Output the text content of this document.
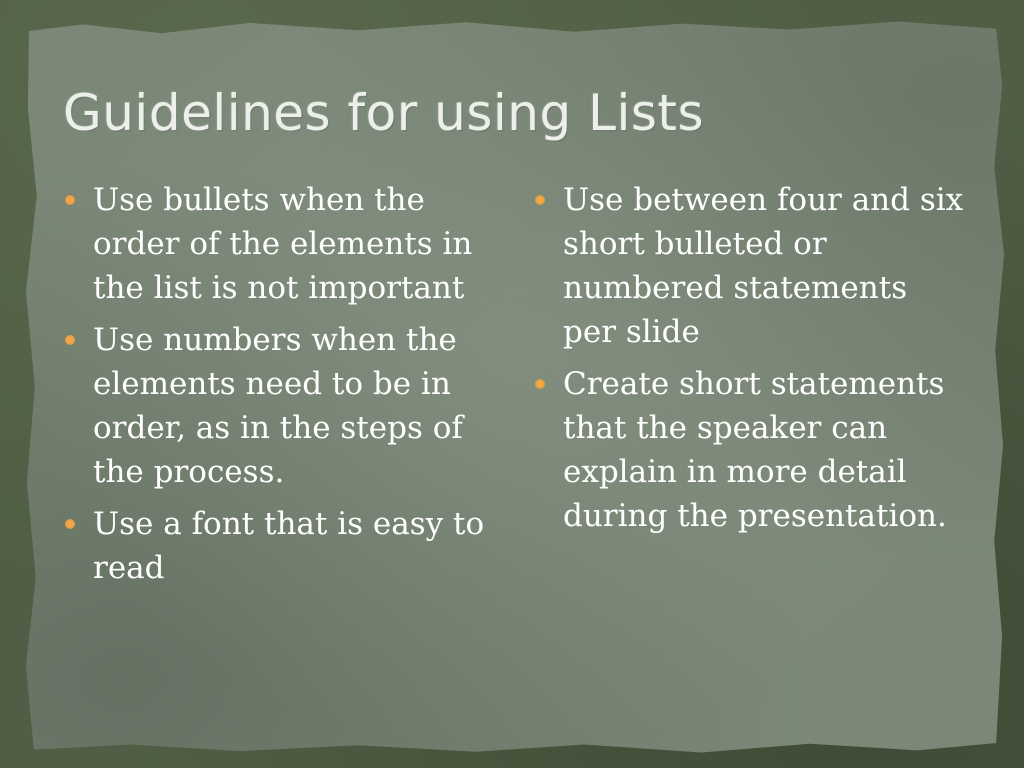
Guidelines for using Lists
Use bullets when the
order of the elements in
the list is not important
Use numbers when the
elements need to be in
order, as in the steps of
the process.
Use a font that is easy to
read
Use between four and six
short bulleted or
numbered statements
per slide
Create short statements
that the speaker can
explain in more detail
during the presentation.
